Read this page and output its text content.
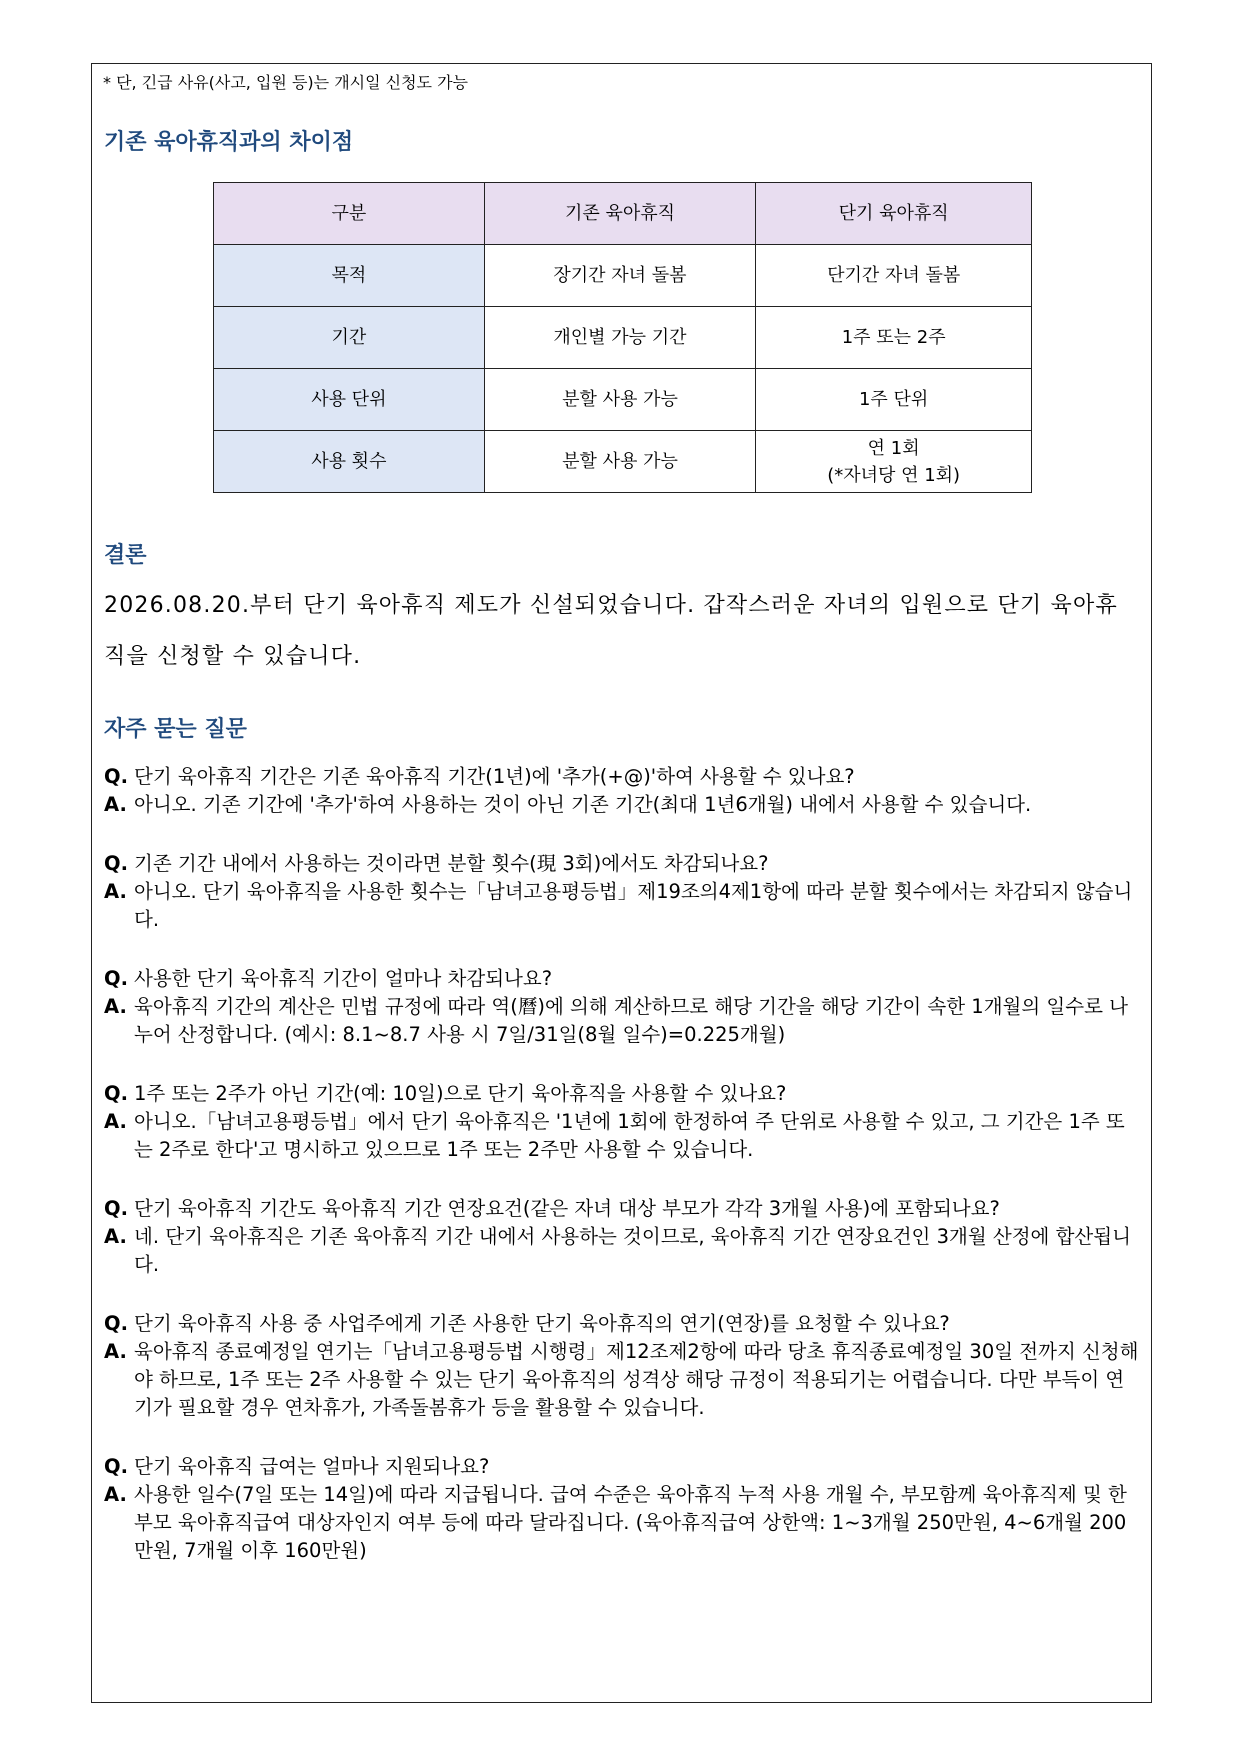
* 단, 긴급 사유(사고, 입원 등)는 개시일 신청도 가능
기존 육아휴직과의 차이점
구분	기존 육아휴직	단기 육아휴직
목적	장기간 자녀 돌봄	단기간 자녀 돌봄
기간	개인별 가능 기간	1주 또는 2주
사용 단위	분할 사용 가능	1주 단위
사용 횟수	분할 사용 가능	연 1회
(*자녀당 연 1회)
결론
2026.08.20.부터 단기 육아휴직 제도가 신설되었습니다. 갑작스러운 자녀의 입원으로 단기 육아휴직을 신청할 수 있습니다.
자주 묻는 질문
Q. 단기 육아휴직 기간은 기존 육아휴직 기간(1년)에 '추가(+@)'하여 사용할 수 있나요?
A. 아니오. 기존 기간에 '추가'하여 사용하는 것이 아닌 기존 기간(최대 1년6개월) 내에서 사용할 수 있습니다.
Q. 기존 기간 내에서 사용하는 것이라면 분할 횟수(現 3회)에서도 차감되나요?
A. 아니오. 단기 육아휴직을 사용한 횟수는「남녀고용평등법」제19조의4제1항에 따라 분할 횟수에서는 차감되지 않습니다.
Q. 사용한 단기 육아휴직 기간이 얼마나 차감되나요?
A. 육아휴직 기간의 계산은 민법 규정에 따라 역(曆)에 의해 계산하므로 해당 기간을 해당 기간이 속한 1개월의 일수로 나누어 산정합니다. (예시: 8.1~8.7 사용 시 7일/31일(8월 일수)=0.225개월)
Q. 1주 또는 2주가 아닌 기간(예: 10일)으로 단기 육아휴직을 사용할 수 있나요?
A. 아니오.「남녀고용평등법」에서 단기 육아휴직은 '1년에 1회에 한정하여 주 단위로 사용할 수 있고, 그 기간은 1주 또는 2주로 한다'고 명시하고 있으므로 1주 또는 2주만 사용할 수 있습니다.
Q. 단기 육아휴직 기간도 육아휴직 기간 연장요건(같은 자녀 대상 부모가 각각 3개월 사용)에 포함되나요?
A. 네. 단기 육아휴직은 기존 육아휴직 기간 내에서 사용하는 것이므로, 육아휴직 기간 연장요건인 3개월 산정에 합산됩니다.
Q. 단기 육아휴직 사용 중 사업주에게 기존 사용한 단기 육아휴직의 연기(연장)를 요청할 수 있나요?
A. 육아휴직 종료예정일 연기는「남녀고용평등법 시행령」제12조제2항에 따라 당초 휴직종료예정일 30일 전까지 신청해야 하므로, 1주 또는 2주 사용할 수 있는 단기 육아휴직의 성격상 해당 규정이 적용되기는 어렵습니다. 다만 부득이 연기가 필요할 경우 연차휴가, 가족돌봄휴가 등을 활용할 수 있습니다.
Q. 단기 육아휴직 급여는 얼마나 지원되나요?
A. 사용한 일수(7일 또는 14일)에 따라 지급됩니다. 급여 수준은 육아휴직 누적 사용 개월 수, 부모함께 육아휴직제 및 한부모 육아휴직급여 대상자인지 여부 등에 따라 달라집니다. (육아휴직급여 상한액: 1~3개월 250만원, 4~6개월 200만원, 7개월 이후 160만원)
